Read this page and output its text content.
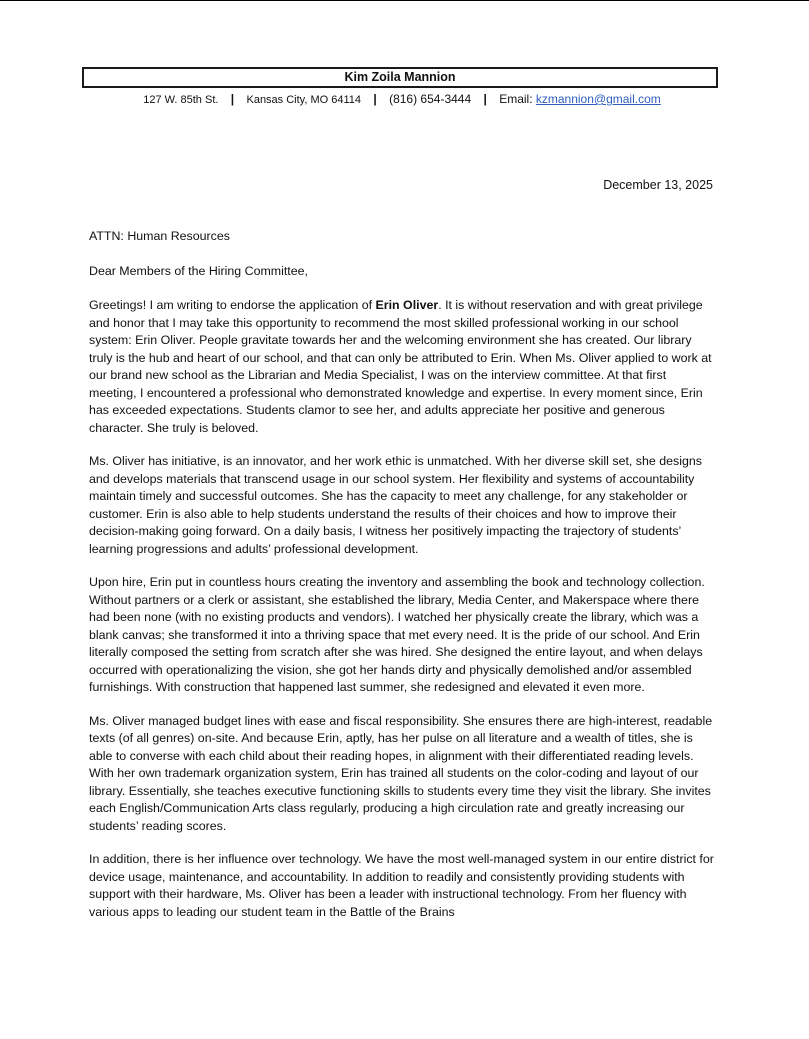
Kim Zoila Mannion
127 W. 85th St. | Kansas City, MO 64114 | (816) 654-3444 | Email: kzmannion@gmail.com
December 13, 2025

ATTN: Human Resources

Dear Members of the Hiring Committee,

Greetings! I am writing to endorse the application of Erin Oliver. It is without reservation and with great privilege and honor that I may take this opportunity to recommend the most skilled professional working in our school system: Erin Oliver. People gravitate towards her and the welcoming environment she has created. Our library truly is the hub and heart of our school, and that can only be attributed to Erin. When Ms. Oliver applied to work at our brand new school as the Librarian and Media Specialist, I was on the interview committee. At that first meeting, I encountered a professional who demonstrated knowledge and expertise. In every moment since, Erin has exceeded expectations. Students clamor to see her, and adults appreciate her positive and generous character. She truly is beloved.

Ms. Oliver has initiative, is an innovator, and her work ethic is unmatched. With her diverse skill set, she designs and develops materials that transcend usage in our school system. Her flexibility and systems of accountability maintain timely and successful outcomes. She has the capacity to meet any challenge, for any stakeholder or customer. Erin is also able to help students understand the results of their choices and how to improve their decision-making going forward. On a daily basis, I witness her positively impacting the trajectory of students’ learning progressions and adults’ professional development.

Upon hire, Erin put in countless hours creating the inventory and assembling the book and technology collection. Without partners or a clerk or assistant, she established the library, Media Center, and Makerspace where there had been none (with no existing products and vendors). I watched her physically create the library, which was a blank canvas; she transformed it into a thriving space that met every need. It is the pride of our school. And Erin literally composed the setting from scratch after she was hired. She designed the entire layout, and when delays occurred with operationalizing the vision, she got her hands dirty and physically demolished and/or assembled furnishings. With construction that happened last summer, she redesigned and elevated it even more.

Ms. Oliver managed budget lines with ease and fiscal responsibility. She ensures there are high-interest, readable texts (of all genres) on-site. And because Erin, aptly, has her pulse on all literature and a wealth of titles, she is able to converse with each child about their reading hopes, in alignment with their differentiated reading levels. With her own trademark organization system, Erin has trained all students on the color-coding and layout of our library. Essentially, she teaches executive functioning skills to students every time they visit the library. She invites each English/Communication Arts class regularly, producing a high circulation rate and greatly increasing our students’ reading scores.

In addition, there is her influence over technology. We have the most well-managed system in our entire district for device usage, maintenance, and accountability. In addition to readily and consistently providing students with support with their hardware, Ms. Oliver has been a leader with instructional technology. From her fluency with various apps to leading our student team in the Battle of the Brains
